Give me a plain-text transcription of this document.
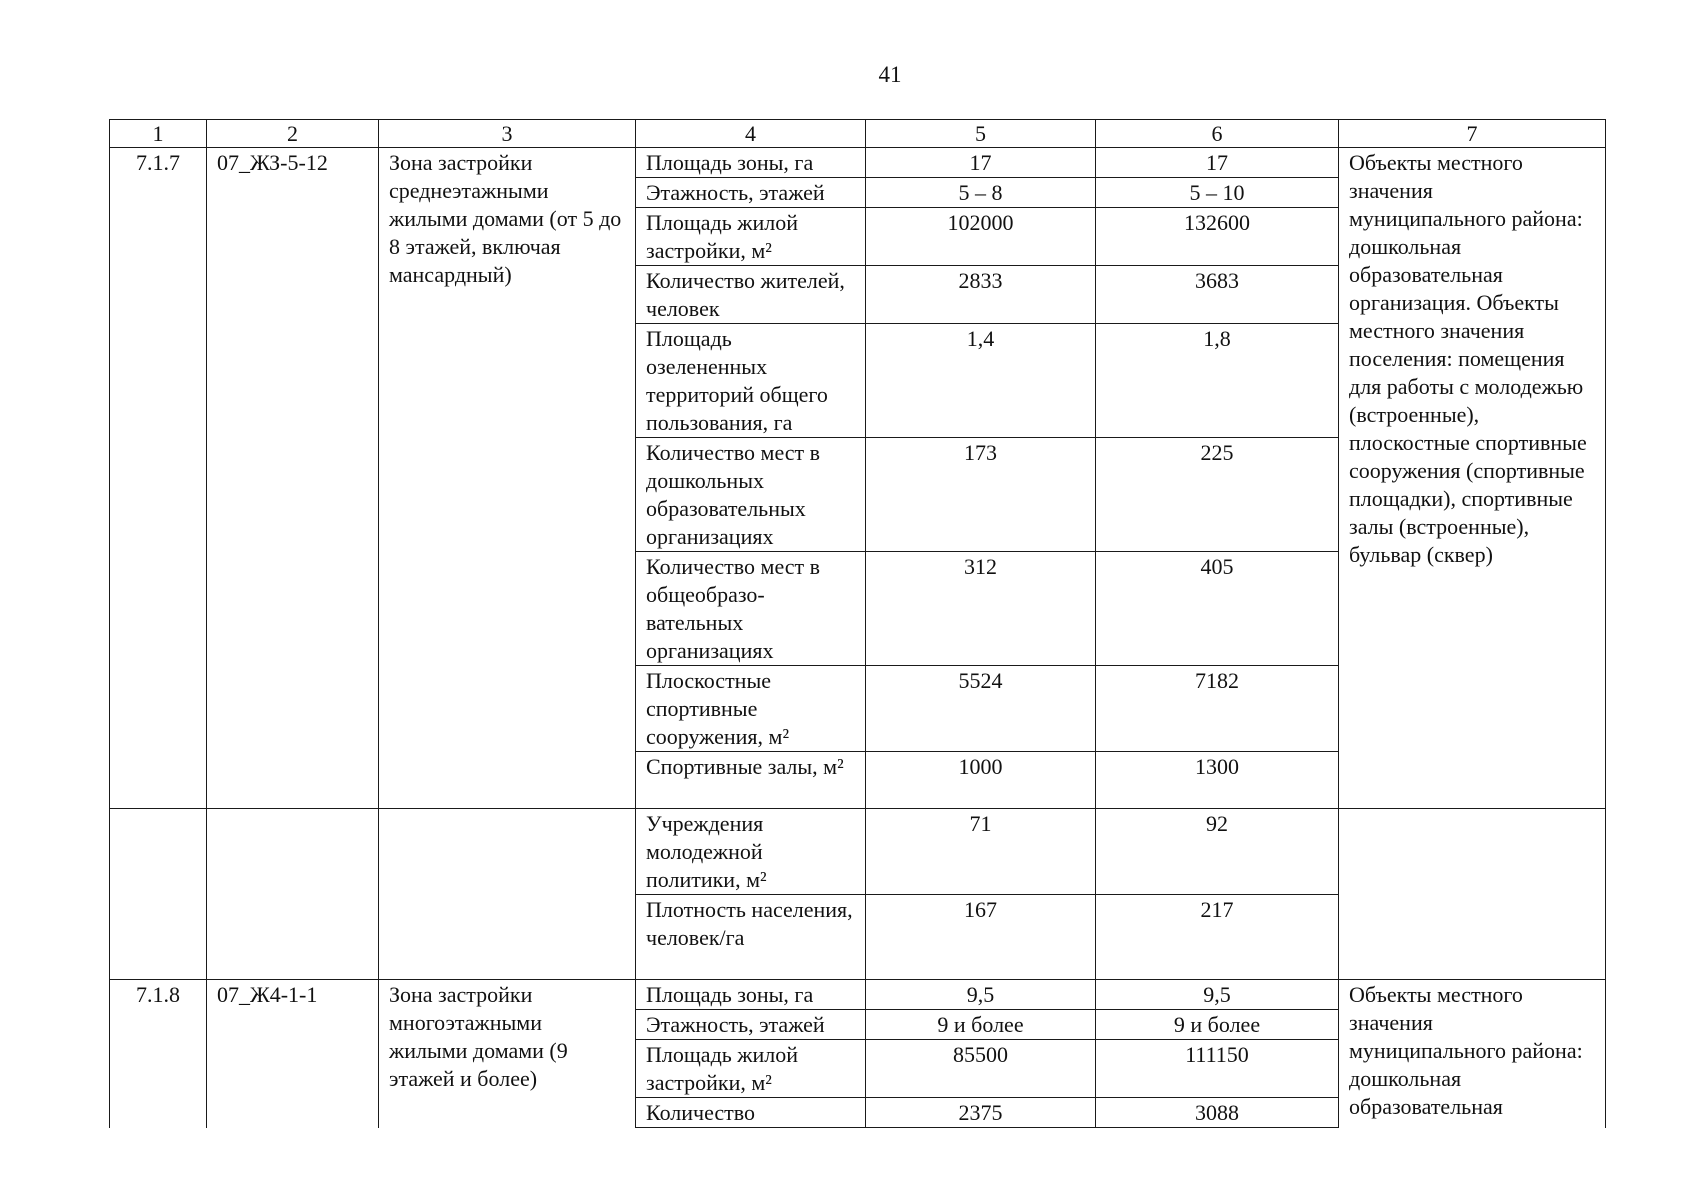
41
1	2	3	4	5	6	7
7.1.7	07_ЖЗ-5-12	Зона застройки среднеэтажными жилыми домами (от 5 до 8 этажей, включая мансардный)	Площадь зоны, га	17	17	Объекты местного значения муниципального района: дошкольная образовательная организация. Объекты местного значения поселения: помещения для работы с молодежью (встроенные), плоскостные спортивные сооружения (спортивные площадки), спортивные залы (встроенные), бульвар (сквер)
			Этажность, этажей	5 – 8	5 – 10	
			Площадь жилой застройки, м²	102000	132600	
			Количество жителей, человек	2833	3683	
			Площадь озелененных территорий общего пользования, га	1,4	1,8	
			Количество мест в дошкольных образовательных организациях	173	225	
			Количество мест в общеобразо-вательных организациях	312	405	
			Плоскостные спортивные сооружения, м²	5524	7182	
			Спортивные залы, м²	1000	1300	
			Учреждения молодежной политики, м²	71	92	
			Плотность населения, человек/га	167	217	
7.1.8	07_Ж4-1-1	Зона застройки многоэтажными жилыми домами (9 этажей и более)	Площадь зоны, га	9,5	9,5	Объекты местного значения муниципального района: дошкольная образовательная
			Этажность, этажей	9 и более	9 и более	
			Площадь жилой застройки, м²	85500	111150	
			Количество	2375	3088	
